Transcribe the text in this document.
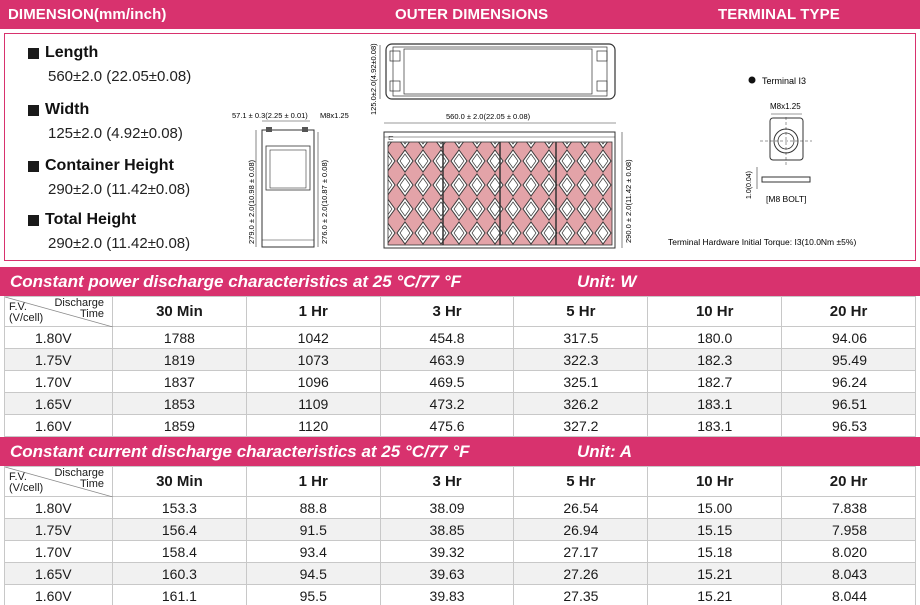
DIMENSION(mm/inch)	OUTER DIMENSIONS	TERMINAL TYPE
Length
560±2.0 (22.05±0.08)
Width
125±2.0 (4.92±0.08)
Container Height
290±2.0 (11.42±0.08)
Total Height
290±2.0 (11.42±0.08)
57.1 ± 0.3(2.25 ± 0.01) M8x1.25
279.0 ± 2.0(10.98 ± 0.08)	276.0 ± 2.0(10.87 ± 0.08)
125.0±2.0(4.92±0.08)
560.0 ± 2.0(22.05 ± 0.08)
⊏
290.0 ± 2.0(11.42 ± 0.08)
Terminal I3
M8x1.25
1.0(0.04) [M8 BOLT]
Terminal Hardware Initial Torque: I3(10.0Nm ±5%)
Constant power discharge characteristics at 25 °C/77 °F	Unit: W
Discharge
Time
F.V.
(V/cell)	30 Min	1 Hr	3 Hr	5 Hr	10 Hr	20 Hr
1.80V	1788	1042	454.8	317.5	180.0	94.06
1.75V	1819	1073	463.9	322.3	182.3	95.49
1.70V	1837	1096	469.5	325.1	182.7	96.24
1.65V	1853	1109	473.2	326.2	183.1	96.51
1.60V	1859	1120	475.6	327.2	183.1	96.53
Constant current discharge characteristics at 25 °C/77 °F	Unit: A
Discharge
Time
F.V.
(V/cell)	30 Min	1 Hr	3 Hr	5 Hr	10 Hr	20 Hr
1.80V	153.3	88.8	38.09	26.54	15.00	7.838
1.75V	156.4	91.5	38.85	26.94	15.15	7.958
1.70V	158.4	93.4	39.32	27.17	15.18	8.020
1.65V	160.3	94.5	39.63	27.26	15.21	8.043
1.60V	161.1	95.5	39.83	27.35	15.21	8.044
